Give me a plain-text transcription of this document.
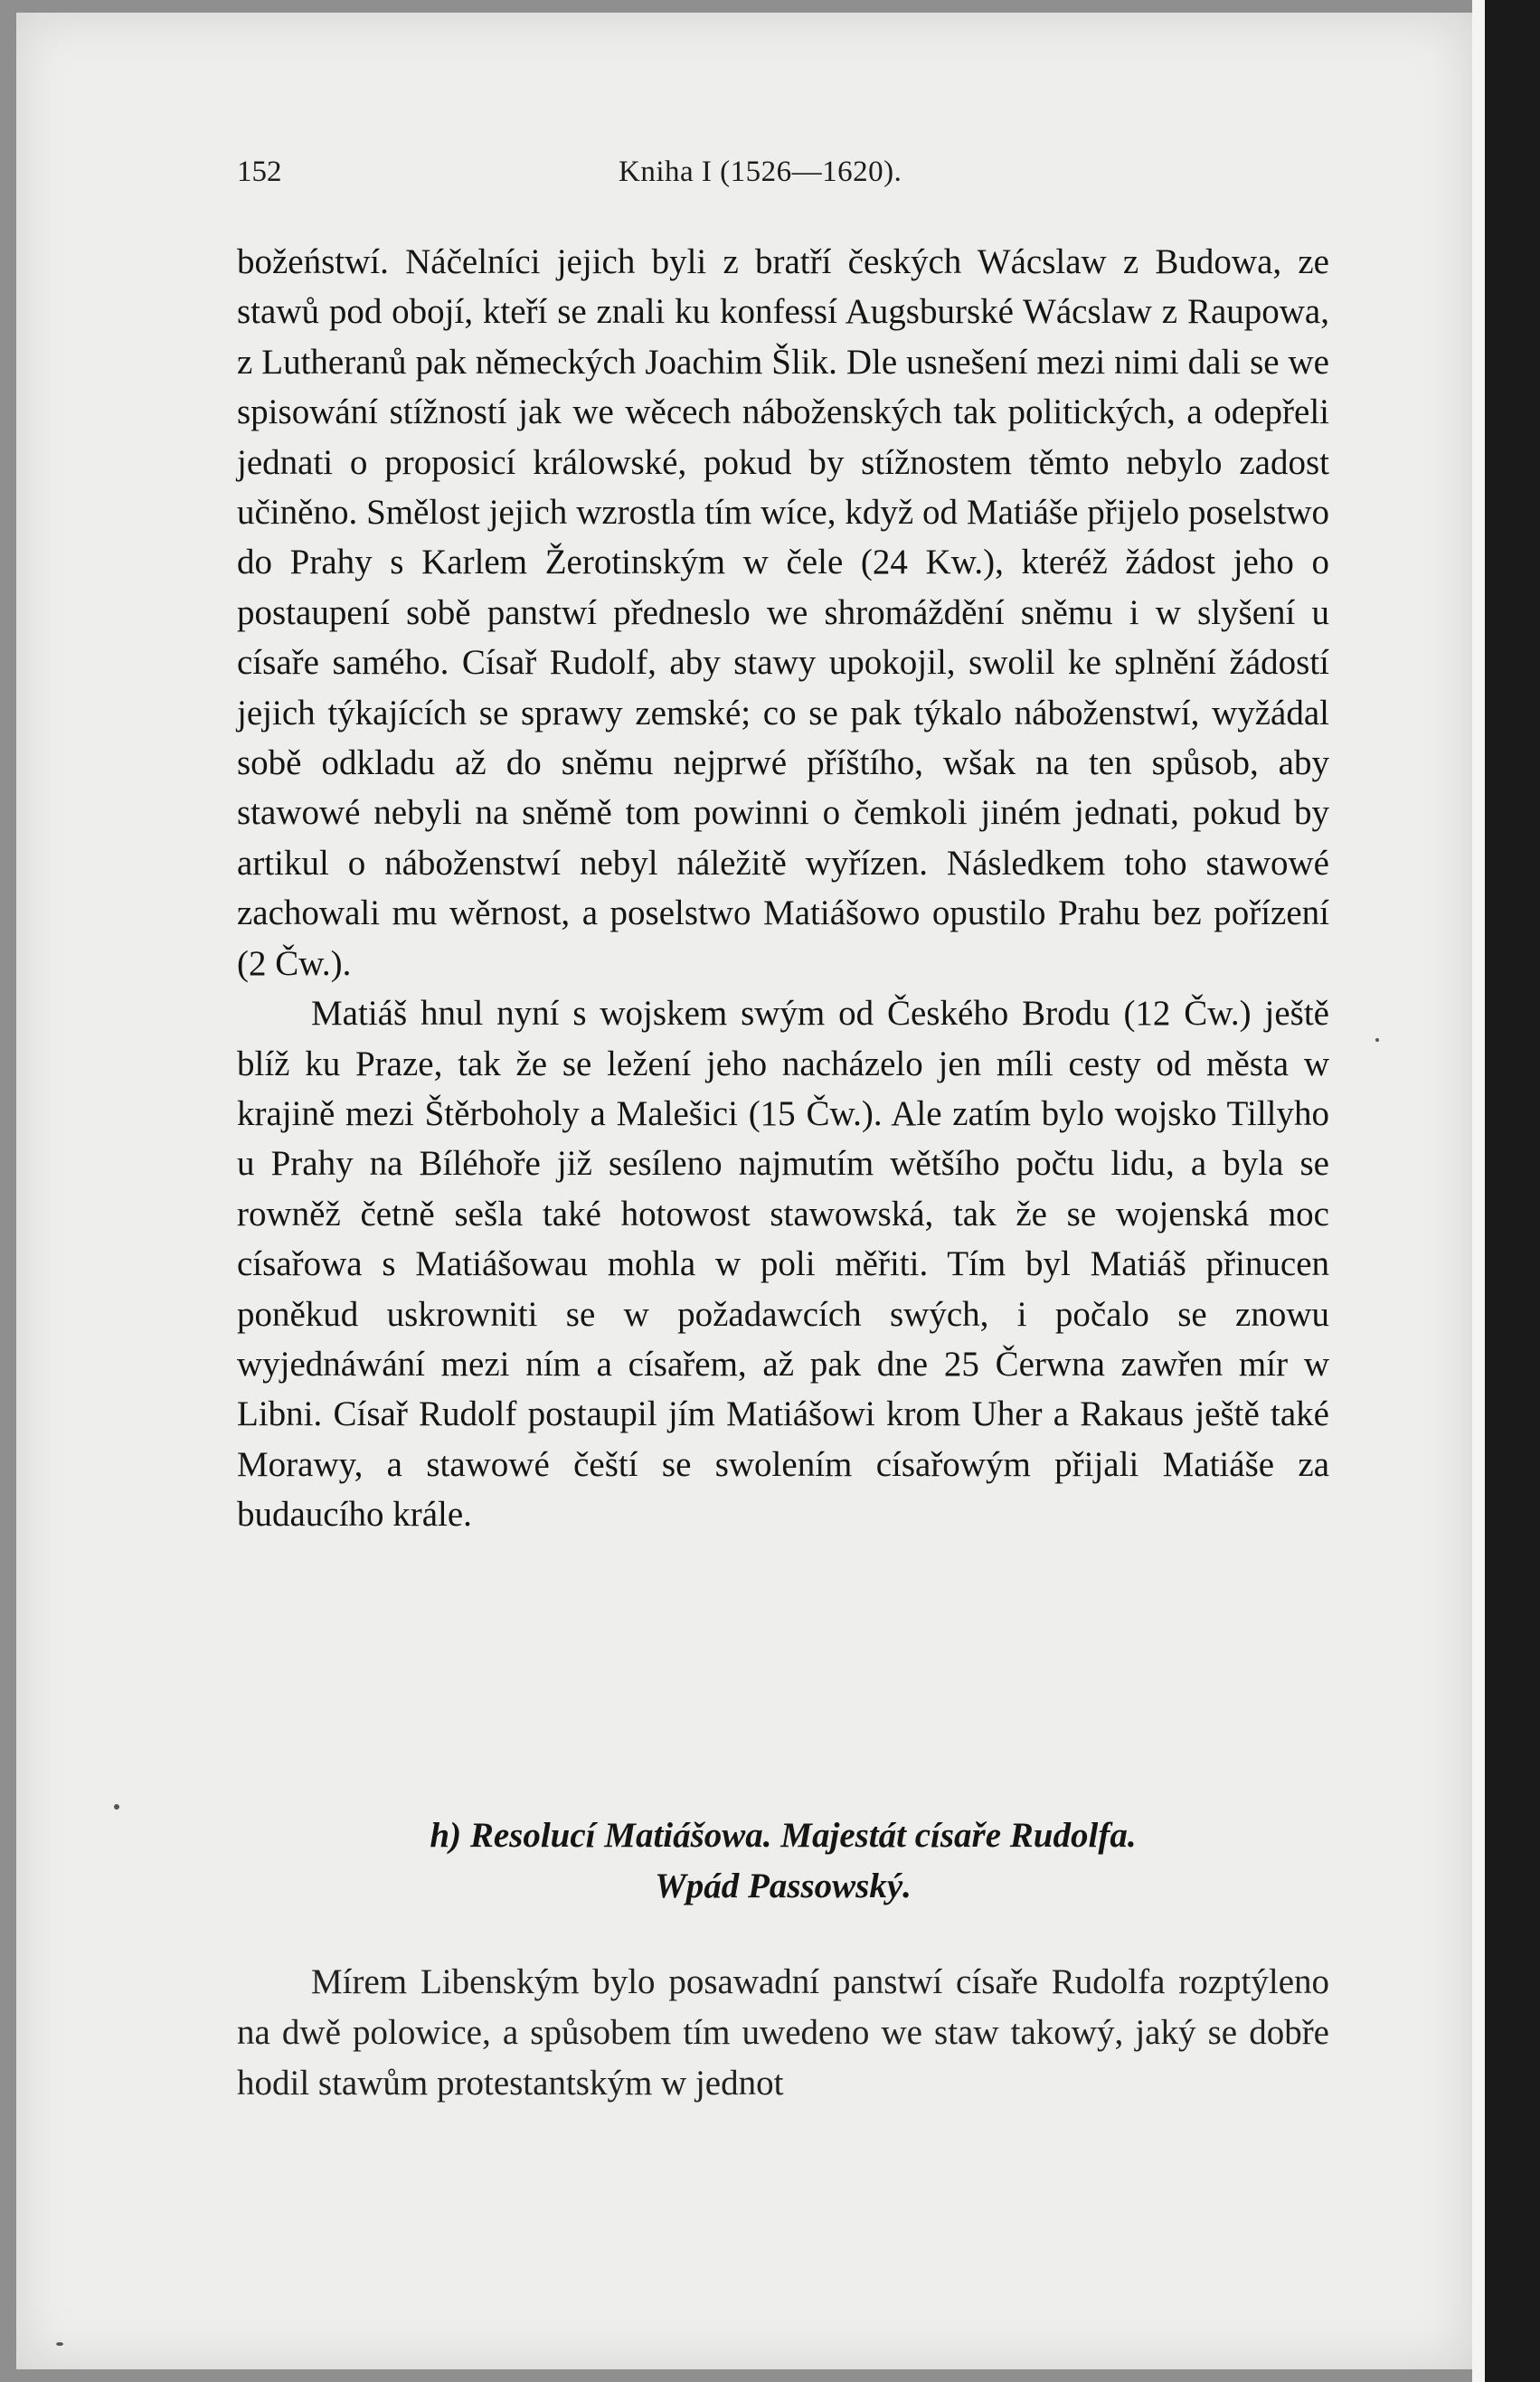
152	Kniha I (1526—1620).

božeństwí. Náčelníci jejich byli z bratří českých Wácslaw z Budowa, ze stawů pod obojí, kteří se znali ku konfessí Augsburské Wácslaw z Raupowa, z Lutheranů pak německých Joachim Šlik. Dle usnešení mezi nimi dali se we spisowání stížností jak we wěcech náboženských tak politických, a odepřeli jednati o proposicí králowské, pokud by stížnostem těmto nebylo zadost učiněno. Smělost jejich wzrostla tím wíce, když od Matiáše přijelo poselstwo do Prahy s Karlem Žerotinským w čele (24 Kw.), kteréž žádost jeho o postaupení sobě panstwí předneslo we shromáždění sněmu i w slyšení u císaře samého. Císař Rudolf, aby stawy upokojil, swolil ke splnění žádostí jejich týkajících se sprawy zemské; co se pak týkalo náboženstwí, wyžádal sobě odkladu až do sněmu nejprwé příštího, wšak na ten spůsob, aby stawowé nebyli na sněmě tom powinni o čemkoli jiném jednati, pokud by artikul o náboženstwí nebyl náležitě wyřízen. Následkem toho stawowé zachowali mu wěrnost, a poselstwo Matiášowo opustilo Prahu bez pořízení (2 Čw.).

Matiáš hnul nyní s wojskem swým od Českého Brodu (12 Čw.) ještě blíž ku Praze, tak že se ležení jeho nacházelo jen míli cesty od města w krajině mezi Štěrboholy a Malešici (15 Čw.). Ale zatím bylo wojsko Tillyho u Prahy na Bíléhoře již sesíleno najmutím wětšího počtu lidu, a byla se rowněž četně sešla také hotowost stawowská, tak že se wojenská moc císařowa s Matiášowau mohla w poli měřiti. Tím byl Matiáš přinucen poněkud uskrowniti se w požadawcích swých, i počalo se znowu wyjednáwání mezi ním a císařem, až pak dne 25 Čerwna zawřen mír w Libni. Císař Rudolf postaupil jím Matiášowi krom Uher a Rakaus ještě také Morawy, a stawowé čeští se swolením císařowým přijali Matiáše za budaucího krále.

h) Resolucí Matiášowa. Majestát císaře Rudolfa.
Wpád Passowský.

Mírem Libenským bylo posawadní panstwí císaře Rudolfa rozptýleno na dwě polowice, a spůsobem tím uwedeno we staw takowý, jaký se dobře hodil stawům protestantským w jednot
